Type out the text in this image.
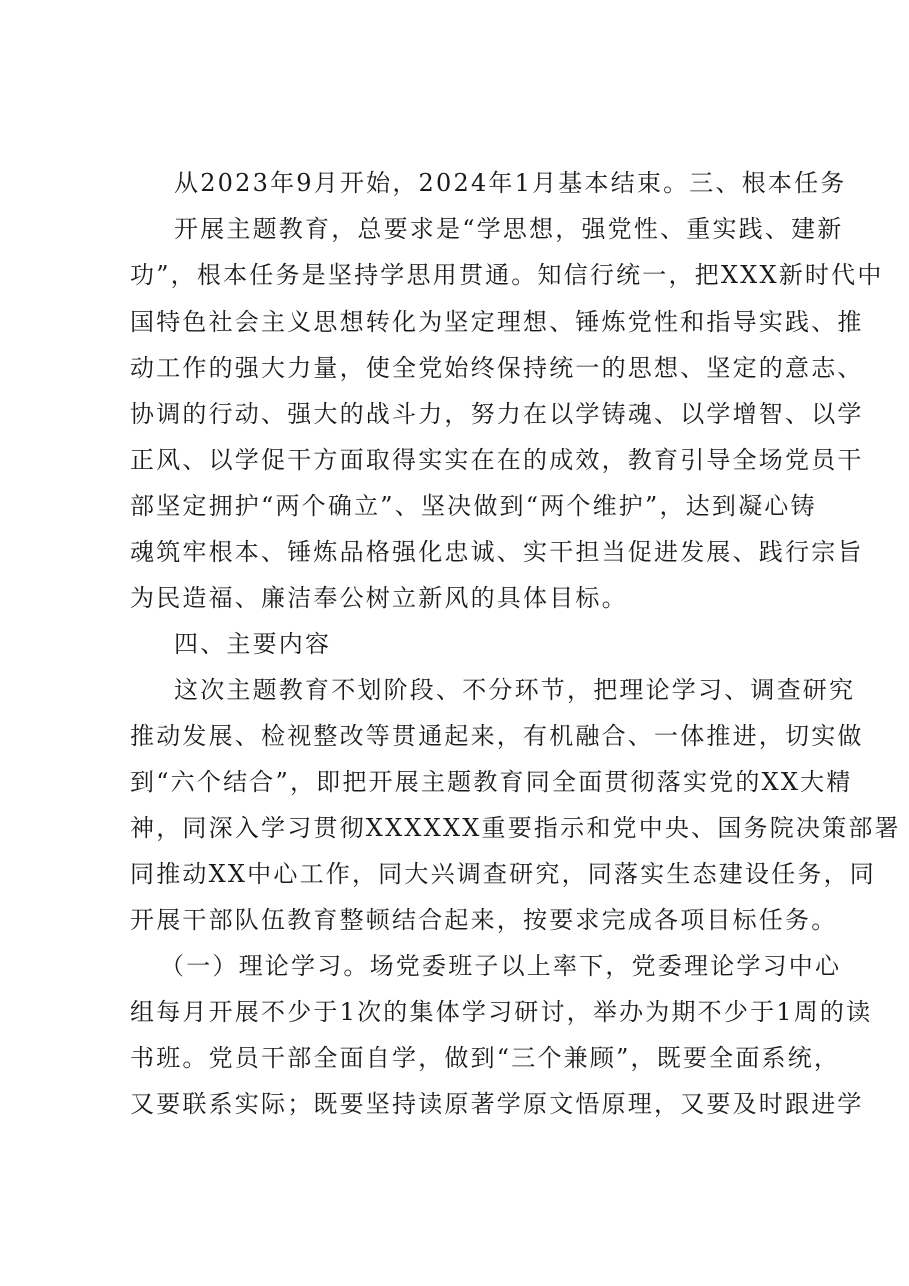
从2023年9月开始，2024年1月基本结束。三、根本任务
开展主题教育，总要求是“学思想，强党性、重实践、建新
功”，根本任务是坚持学思用贯通。知信行统一，把XXX新时代中
国特色社会主义思想转化为坚定理想、锤炼党性和指导实践、推
动工作的强大力量，使全党始终保持统一的思想、坚定的意志、
协调的行动、强大的战斗力，努力在以学铸魂、以学增智、以学
正风、以学促干方面取得实实在在的成效，教育引导全场党员干
部坚定拥护“两个确立”、坚决做到“两个维护”，达到凝心铸
魂筑牢根本、锤炼品格强化忠诚、实干担当促进发展、践行宗旨
为民造福、廉洁奉公树立新风的具体目标。
四、主要内容
这次主题教育不划阶段、不分环节，把理论学习、调查研究
推动发展、检视整改等贯通起来，有机融合、一体推进，切实做
到“六个结合”，即把开展主题教育同全面贯彻落实党的XX大精
神，同深入学习贯彻XXXXXX重要指示和党中央、国务院决策部署
同推动XX中心工作，同大兴调查研究，同落实生态建设任务，同
开展干部队伍教育整顿结合起来，按要求完成各项目标任务。
（一）理论学习。场党委班子以上率下，党委理论学习中心
组每月开展不少于1次的集体学习研讨，举办为期不少于1周的读
书班。党员干部全面自学，做到“三个兼顾”，既要全面系统，
又要联系实际；既要坚持读原著学原文悟原理，又要及时跟进学
